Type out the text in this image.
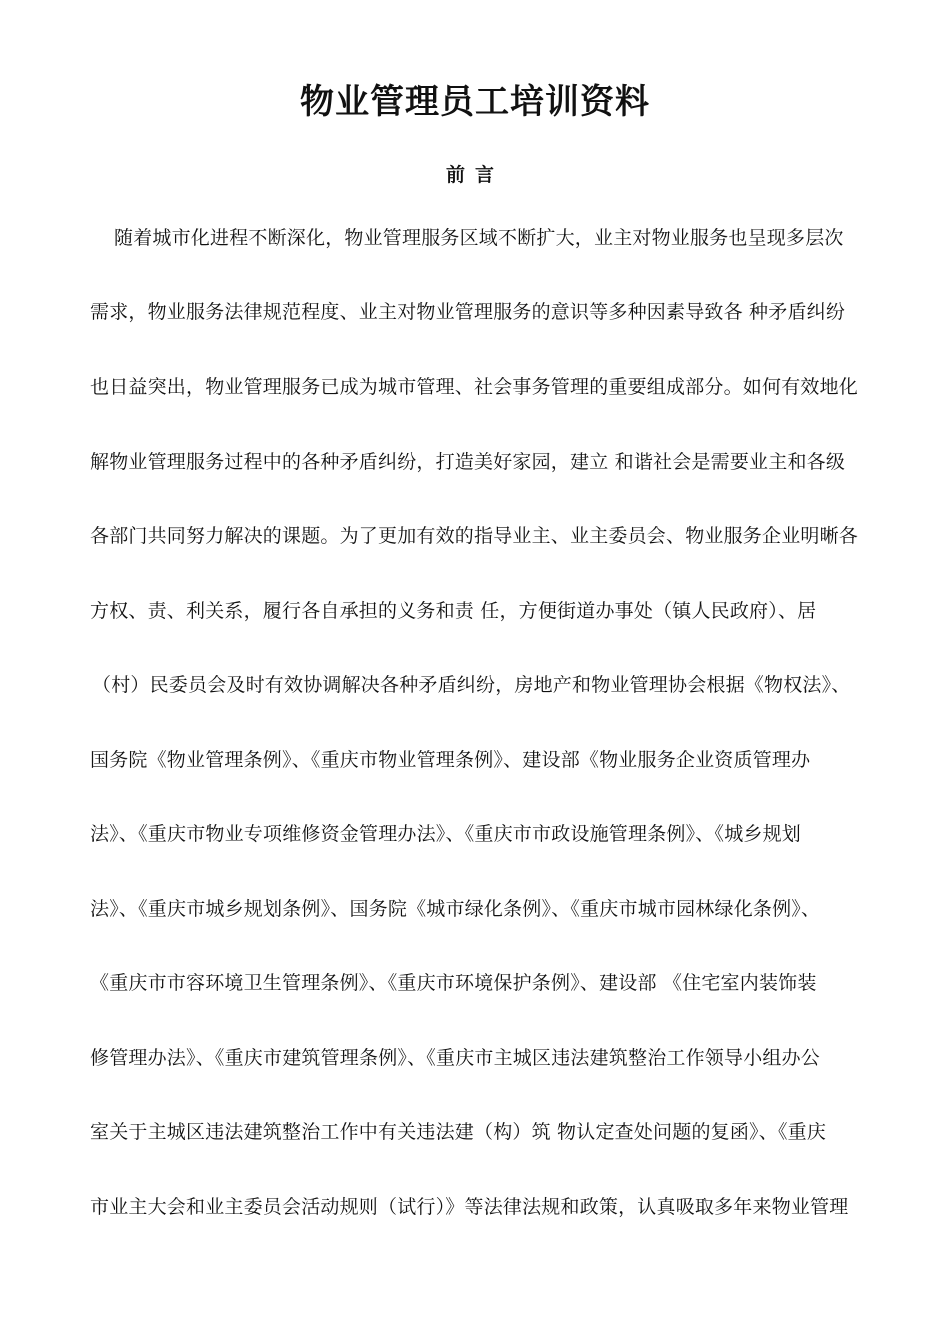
物业管理员工培训资料
前言
随着城市化进程不断深化，物业管理服务区域不断扩大，业主对物业服务也呈现多层次
需求，物业服务法律规范程度、业主对物业管理服务的意识等多种因素导致各 种矛盾纠纷
也日益突出，物业管理服务已成为城市管理、社会事务管理的重要组成部分。如何有效地化
解物业管理服务过程中的各种矛盾纠纷，打造美好家园，建立 和谐社会是需要业主和各级
各部门共同努力解决的课题。为了更加有效的指导业主、业主委员会、物业服务企业明晰各
方权、责、利关系，履行各自承担的义务和责 任，方便街道办事处（镇人民政府）、居
（村）民委员会及时有效协调解决各种矛盾纠纷，房地产和物业管理协会根据《物权法》、
国务院《物业管理条例》、《重庆市物业管理条例》、建设部《物业服务企业资质管理办
法》、《重庆市物业专项维修资金管理办法》、《重庆市市政设施管理条例》、《城乡规划
法》、《重庆市城乡规划条例》、国务院《城市绿化条例》、《重庆市城市园林绿化条例》、
《重庆市市容环境卫生管理条例》、《重庆市环境保护条例》、建设部 《住宅室内装饰装
修管理办法》、《重庆市建筑管理条例》、《重庆市主城区违法建筑整治工作领导小组办公
室关于主城区违法建筑整治工作中有关违法建（构）筑 物认定查处问题的复函》、《重庆
市业主大会和业主委员会活动规则（试行）》等法律法规和政策，认真吸取多年来物业管理
